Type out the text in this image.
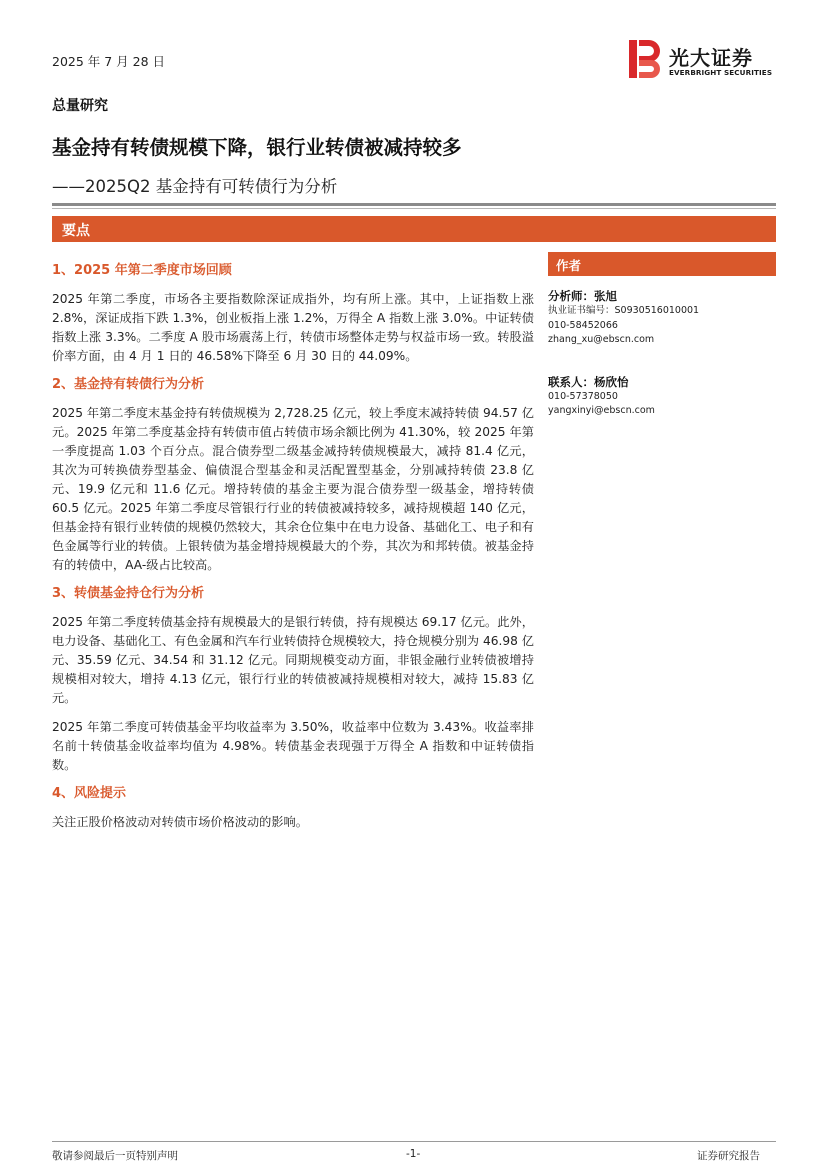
2025 年 7 月 28 日	光大证券
EVERBRIGHT SECURITIES
总量研究
基金持有转债规模下降，银行业转债被减持较多
——2025Q2 基金持有可转债行为分析
要点
1、2025 年第二季度市场回顾

2025 年第二季度，市场各主要指数除深证成指外，均有所上涨。其中，上证指数上涨 2.8%，深证成指下跌 1.3%，创业板指上涨 1.2%，万得全 A 指数上涨 3.0%。中证转债指数上涨 3.3%。二季度 A 股市场震荡上行，转债市场整体走势与权益市场一致。转股溢价率方面，由 4 月 1 日的 46.58%下降至 6 月 30 日的 44.09%。

2、基金持有转债行为分析

2025 年第二季度末基金持有转债规模为 2,728.25 亿元，较上季度末减持转债 94.57 亿元。2025 年第二季度基金持有转债市值占转债市场余额比例为 41.30%，较 2025 年第一季度提高 1.03 个百分点。混合债券型二级基金减持转债规模最大，减持 81.4 亿元，其次为可转换债券型基金、偏债混合型基金和灵活配置型基金，分别减持转债 23.8 亿元、19.9 亿元和 11.6 亿元。增持转债的基金主要为混合债券型一级基金，增持转债 60.5 亿元。2025 年第二季度尽管银行行业的转债被减持较多，减持规模超 140 亿元，但基金持有银行业转债的规模仍然较大，其余仓位集中在电力设备、基础化工、电子和有色金属等行业的转债。上银转债为基金增持规模最大的个券，其次为和邦转债。被基金持有的转债中，AA-级占比较高。

3、转债基金持仓行为分析

2025 年第二季度转债基金持有规模最大的是银行转债，持有规模达 69.17 亿元。此外，电力设备、基础化工、有色金属和汽车行业转债持仓规模较大，持仓规模分别为 46.98 亿元、35.59 亿元、34.54 和 31.12 亿元。同期规模变动方面，非银金融行业转债被增持规模相对较大，增持 4.13 亿元，银行行业的转债被减持规模相对较大，减持 15.83 亿元。

2025 年第二季度可转债基金平均收益率为 3.50%，收益率中位数为 3.43%。收益率排名前十转债基金收益率均值为 4.98%。转债基金表现强于万得全 A 指数和中证转债指数。

4、风险提示

关注正股价格波动对转债市场价格波动的影响。

作者
分析师：张旭
执业证书编号：S0930516010001
010-58452066
zhang_xu@ebscn.com
联系人：杨欣怡
010-57378050
yangxinyi@ebscn.com
敬请参阅最后一页特别声明	-1-	证券研究报告
